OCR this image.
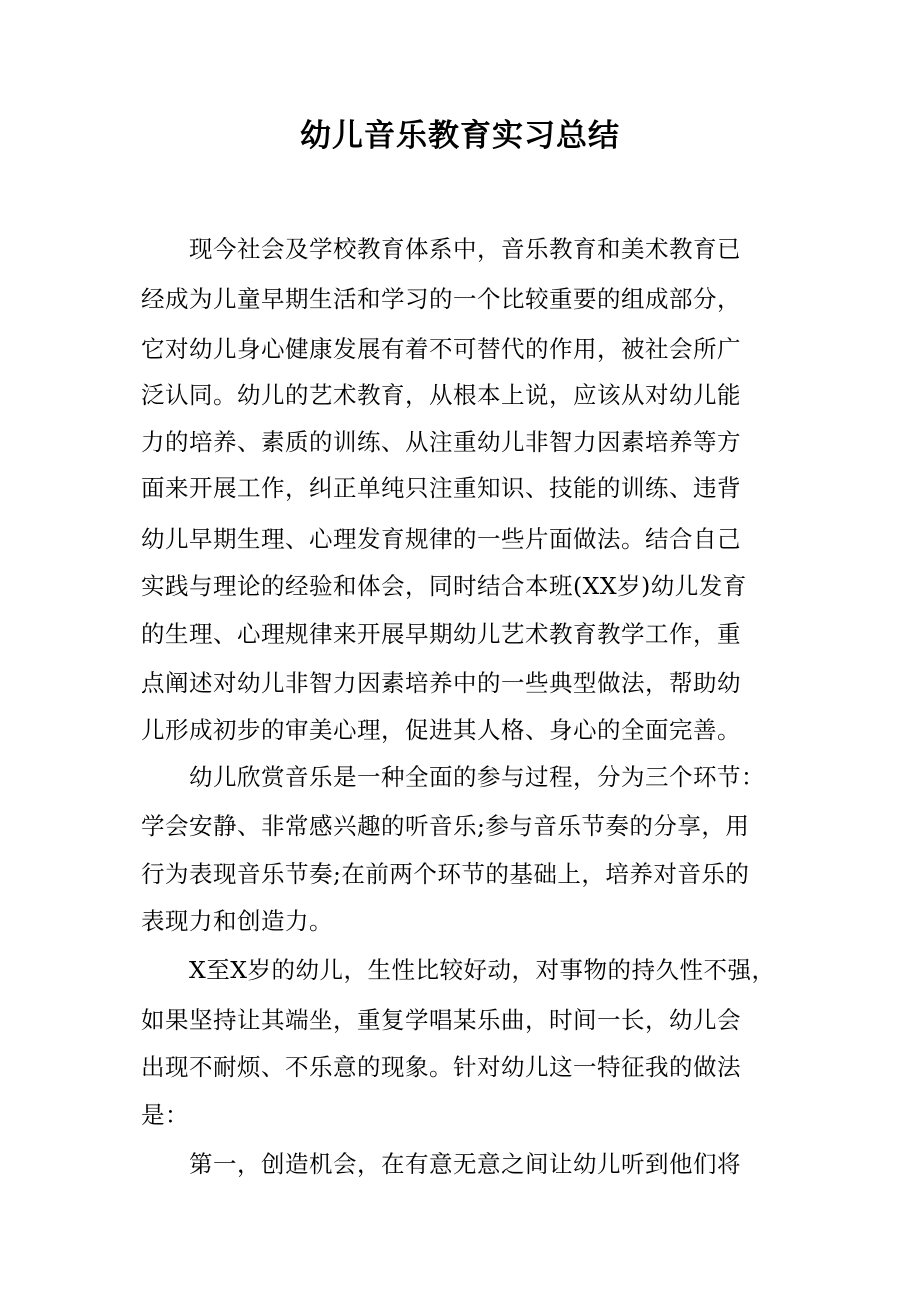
幼儿音乐教育实习总结
现今社会及学校教育体系中，音乐教育和美术教育已
经成为儿童早期生活和学习的一个比较重要的组成部分，
它对幼儿身心健康发展有着不可替代的作用，被社会所广
泛认同。幼儿的艺术教育，从根本上说，应该从对幼儿能
力的培养、素质的训练、从注重幼儿非智力因素培养等方
面来开展工作，纠正单纯只注重知识、技能的训练、违背
幼儿早期生理、心理发育规律的一些片面做法。结合自己
实践与理论的经验和体会，同时结合本班(XX岁)幼儿发育
的生理、心理规律来开展早期幼儿艺术教育教学工作，重
点阐述对幼儿非智力因素培养中的一些典型做法，帮助幼
儿形成初步的审美心理，促进其人格、身心的全面完善。
幼儿欣赏音乐是一种全面的参与过程，分为三个环节：
学会安静、非常感兴趣的听音乐;参与音乐节奏的分享，用
行为表现音乐节奏;在前两个环节的基础上，培养对音乐的
表现力和创造力。
X至X岁的幼儿，生性比较好动，对事物的持久性不强，
如果坚持让其端坐，重复学唱某乐曲，时间一长，幼儿会
出现不耐烦、不乐意的现象。针对幼儿这一特征我的做法
是：
第一，创造机会，在有意无意之间让幼儿听到他们将
